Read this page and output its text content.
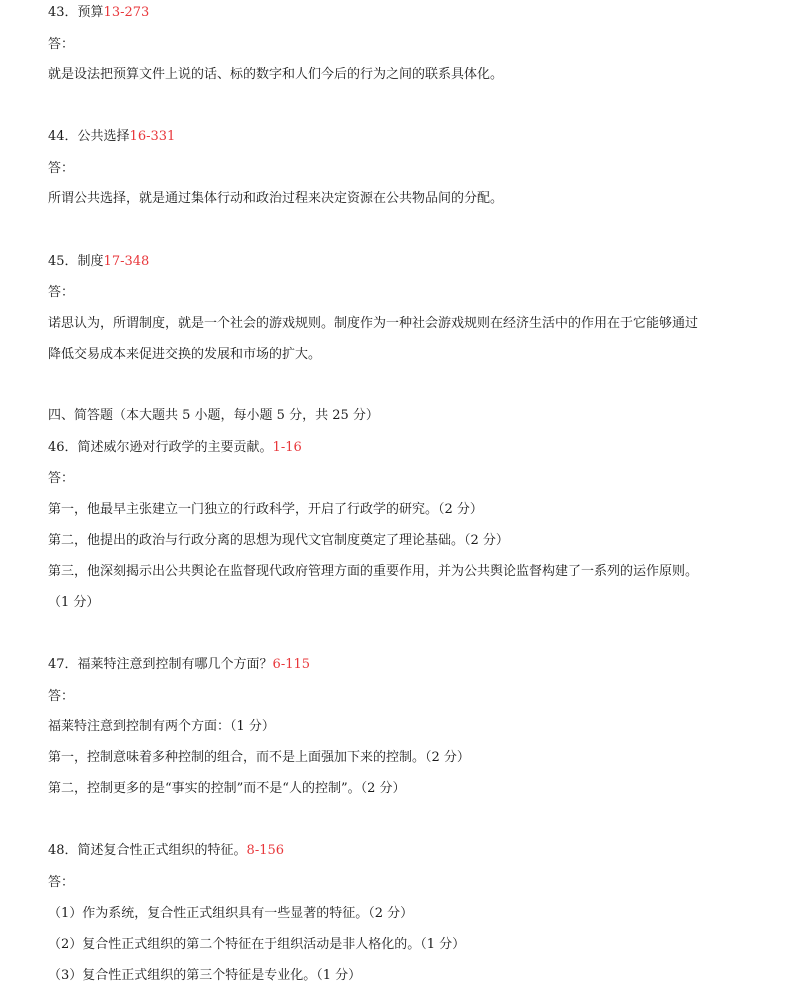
43．预算13-273
答：
就是设法把预算文件上说的话、标的数字和人们今后的行为之间的联系具体化。
44．公共选择16-331
答：
所谓公共选择，就是通过集体行动和政治过程来决定资源在公共物品间的分配。
45．制度17-348
答：
诺思认为，所谓制度，就是一个社会的游戏规则。制度作为一种社会游戏规则在经济生活中的作用在于它能够通过
降低交易成本来促进交换的发展和市场的扩大。
四、简答题（本大题共 5 小题，每小题 5 分，共 25 分）
46．简述威尔逊对行政学的主要贡献。1-16
答：
第一，他最早主张建立一门独立的行政科学，开启了行政学的研究。（2 分）
第二，他提出的政治与行政分离的思想为现代文官制度奠定了理论基础。（2 分）
第三，他深刻揭示出公共舆论在监督现代政府管理方面的重要作用，并为公共舆论监督构建了一系列的运作原则。
（1 分）
47．福莱特注意到控制有哪几个方面？6-115
答：
福莱特注意到控制有两个方面：（1 分）
第一，控制意味着多种控制的组合，而不是上面强加下来的控制。（2 分）
第二，控制更多的是“事实的控制”而不是“人的控制”。（2 分）
48．简述复合性正式组织的特征。8-156
答：
（1）作为系统，复合性正式组织具有一些显著的特征。（2 分）
（2）复合性正式组织的第二个特征在于组织活动是非人格化的。（1 分）
（3）复合性正式组织的第三个特征是专业化。（1 分）
